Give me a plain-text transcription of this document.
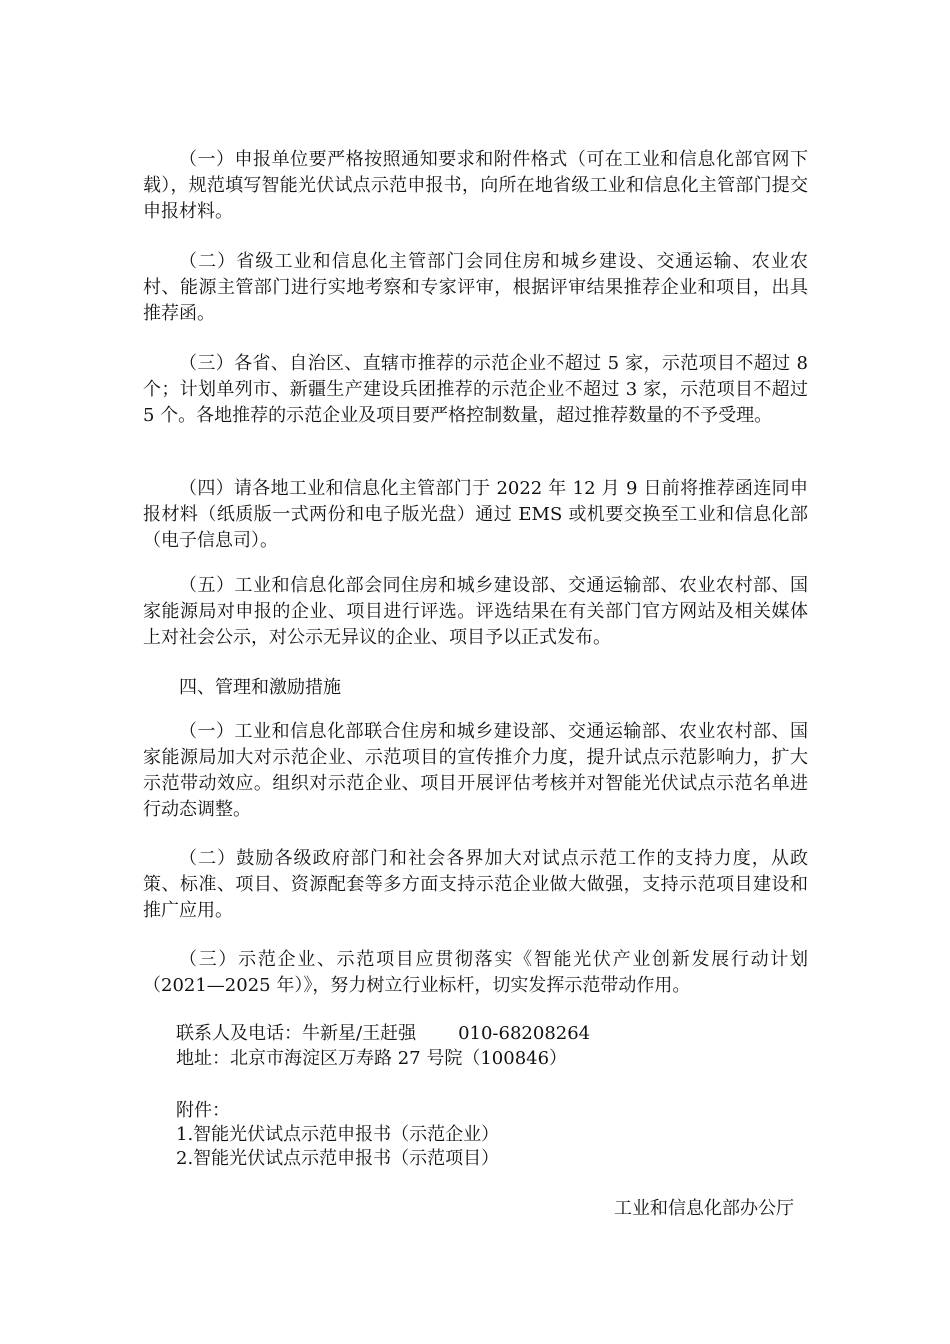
（一）申报单位要严格按照通知要求和附件格式（可在工业和信息化部官网下载），规范填写智能光伏试点示范申报书，向所在地省级工业和信息化主管部门提交申报材料。

（二）省级工业和信息化主管部门会同住房和城乡建设、交通运输、农业农村、能源主管部门进行实地考察和专家评审，根据评审结果推荐企业和项目，出具推荐函。

（三）各省、自治区、直辖市推荐的示范企业不超过 5 家，示范项目不超过 8 个；计划单列市、新疆生产建设兵团推荐的示范企业不超过 3 家，示范项目不超过 5 个。各地推荐的示范企业及项目要严格控制数量，超过推荐数量的不予受理。

（四）请各地工业和信息化主管部门于 2022 年 12 月 9 日前将推荐函连同申报材料（纸质版一式两份和电子版光盘）通过 EMS 或机要交换至工业和信息化部（电子信息司）。

（五）工业和信息化部会同住房和城乡建设部、交通运输部、农业农村部、国家能源局对申报的企业、项目进行评选。评选结果在有关部门官方网站及相关媒体上对社会公示，对公示无异议的企业、项目予以正式发布。

四、管理和激励措施

（一）工业和信息化部联合住房和城乡建设部、交通运输部、农业农村部、国家能源局加大对示范企业、示范项目的宣传推介力度，提升试点示范影响力，扩大示范带动效应。组织对示范企业、项目开展评估考核并对智能光伏试点示范名单进行动态调整。

（二）鼓励各级政府部门和社会各界加大对试点示范工作的支持力度，从政策、标准、项目、资源配套等多方面支持示范企业做大做强，支持示范项目建设和推广应用。

（三）示范企业、示范项目应贯彻落实《智能光伏产业创新发展行动计划（2021—2025 年）》，努力树立行业标杆，切实发挥示范带动作用。

联系人及电话：牛新星/王赶强 010-68208264
地址：北京市海淀区万寿路 27 号院（100846）
附件：
1.智能光伏试点示范申报书（示范企业）
2.智能光伏试点示范申报书（示范项目）
工业和信息化部办公厅
